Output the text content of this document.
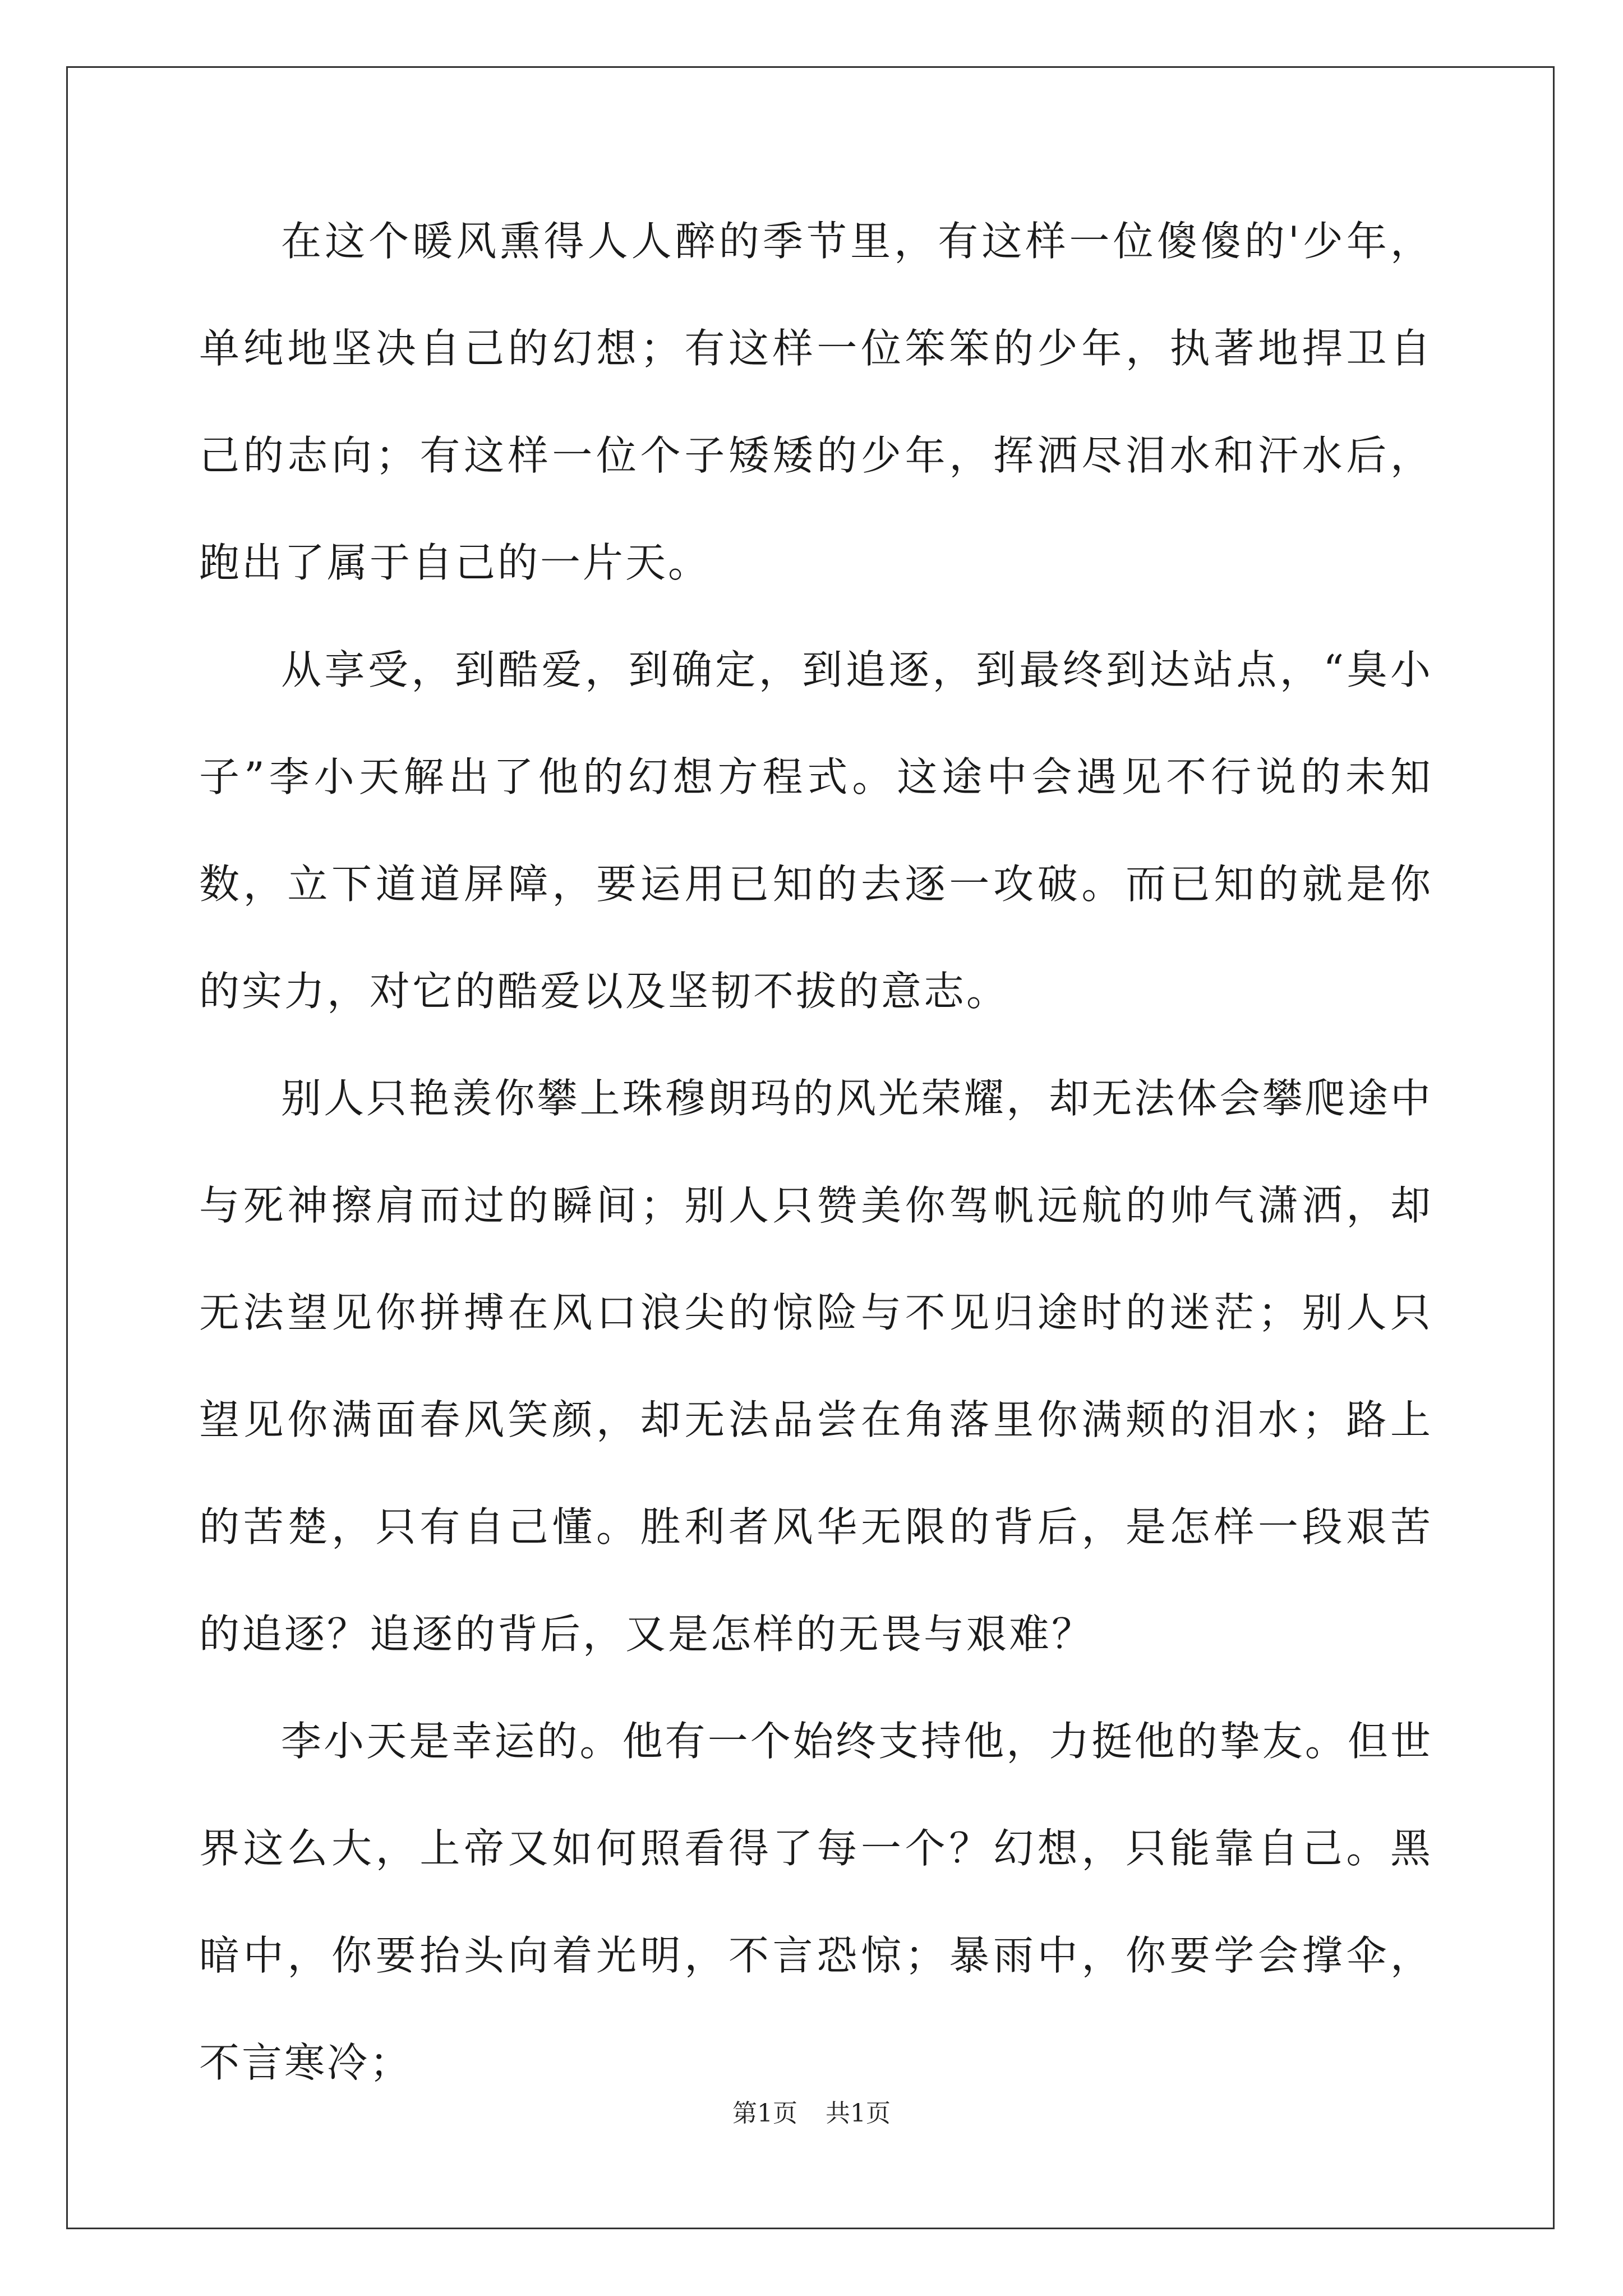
在这个暖风熏得人人醉的季节里，有这样一位傻傻的'少年，单纯地坚决自己的幻想；有这样一位笨笨的少年，执著地捍卫自己的志向；有这样一位个子矮矮的少年，挥洒尽泪水和汗水后，跑出了属于自己的一片天。

从享受，到酷爱，到确定，到追逐，到最终到达站点，“臭小子”李小天解出了他的幻想方程式。这途中会遇见不行说的未知数，立下道道屏障，要运用已知的去逐一攻破。而已知的就是你的实力，对它的酷爱以及坚韧不拔的意志。

别人只艳羡你攀上珠穆朗玛的风光荣耀，却无法体会攀爬途中与死神擦肩而过的瞬间；别人只赞美你驾帆远航的帅气潇洒，却无法望见你拼搏在风口浪尖的惊险与不见归途时的迷茫；别人只望见你满面春风笑颜，却无法品尝在角落里你满颊的泪水；路上的苦楚，只有自己懂。胜利者风华无限的背后，是怎样一段艰苦的追逐？追逐的背后，又是怎样的无畏与艰难？

李小天是幸运的。他有一个始终支持他，力挺他的挚友。但世界这么大，上帝又如何照看得了每一个？幻想，只能靠自己。黑暗中，你要抬头向着光明，不言恐惊；暴雨中，你要学会撑伞，不言寒冷；

第1页 共1页
